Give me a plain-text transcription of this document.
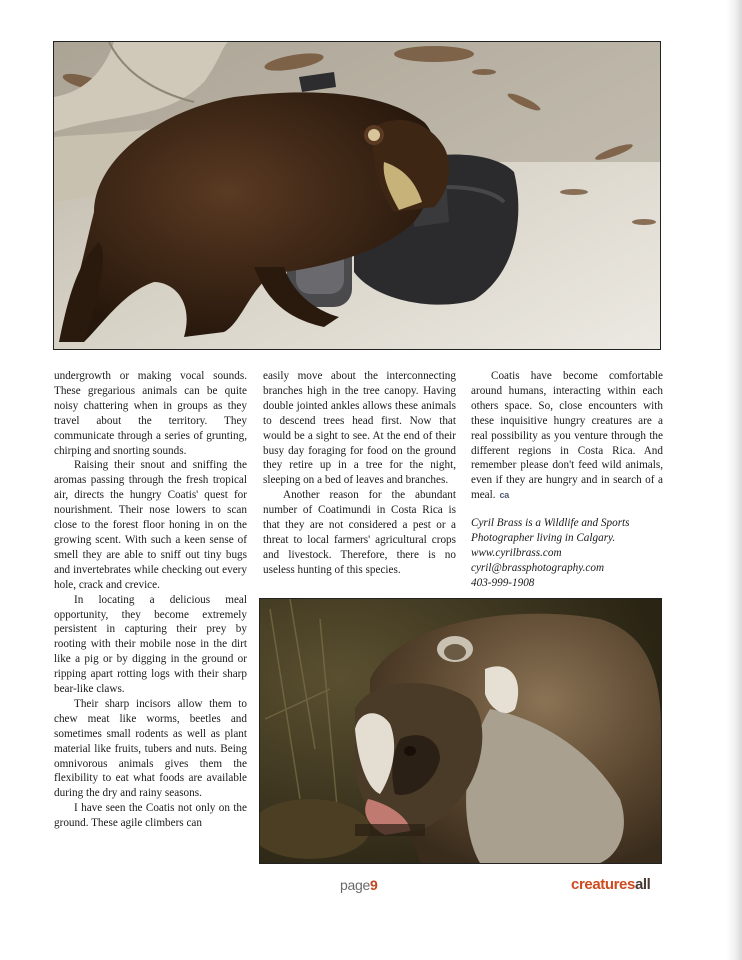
undergrowth or making vocal sounds. These gregarious animals can be quite noisy chattering when in groups as they travel about the territory. They communicate through a series of grunting, chirping and snorting sounds.

Raising their snout and sniffing the aromas passing through the fresh tropical air, directs the hungry Coatis' quest for nourishment. Their nose lowers to scan close to the forest floor honing in on the growing scent. With such a keen sense of smell they are able to sniff out tiny bugs and invertebrates while checking out every hole, crack and crevice.

In locating a delicious meal opportunity, they become extremely persistent in capturing their prey by rooting with their mobile nose in the dirt like a pig or by digging in the ground or ripping apart rotting logs with their sharp bear-like claws.

Their sharp incisors allow them to chew meat like worms, beetles and sometimes small rodents as well as plant material like fruits, tubers and nuts. Being omnivorous animals gives them the flexibility to eat what foods are available during the dry and rainy seasons.

I have seen the Coatis not only on the ground. These agile climbers can

easily move about the interconnecting branches high in the tree canopy. Having double jointed ankles allows these animals to descend trees head first. Now that would be a sight to see. At the end of their busy day foraging for food on the ground they retire up in a tree for the night, sleeping on a bed of leaves and branches.

Another reason for the abundant number of Coatimundi in Costa Rica is that they are not considered a pest or a threat to local farmers' agricultural crops and livestock. Therefore, there is no useless hunting of this species.

Coatis have become comfortable around humans, interacting within each others space. So, close encounters with these inquisitive hungry creatures are a real possibility as you venture through the different regions in Costa Rica. And remember please don't feed wild animals, even if they are hungry and in search of a meal. ca

Cyril Brass is a Wildlife and Sports
Photographer living in Calgary.
www.cyrilbrass.com
cyril@brassphotography.com
403-999-1908
page9	creaturesall
